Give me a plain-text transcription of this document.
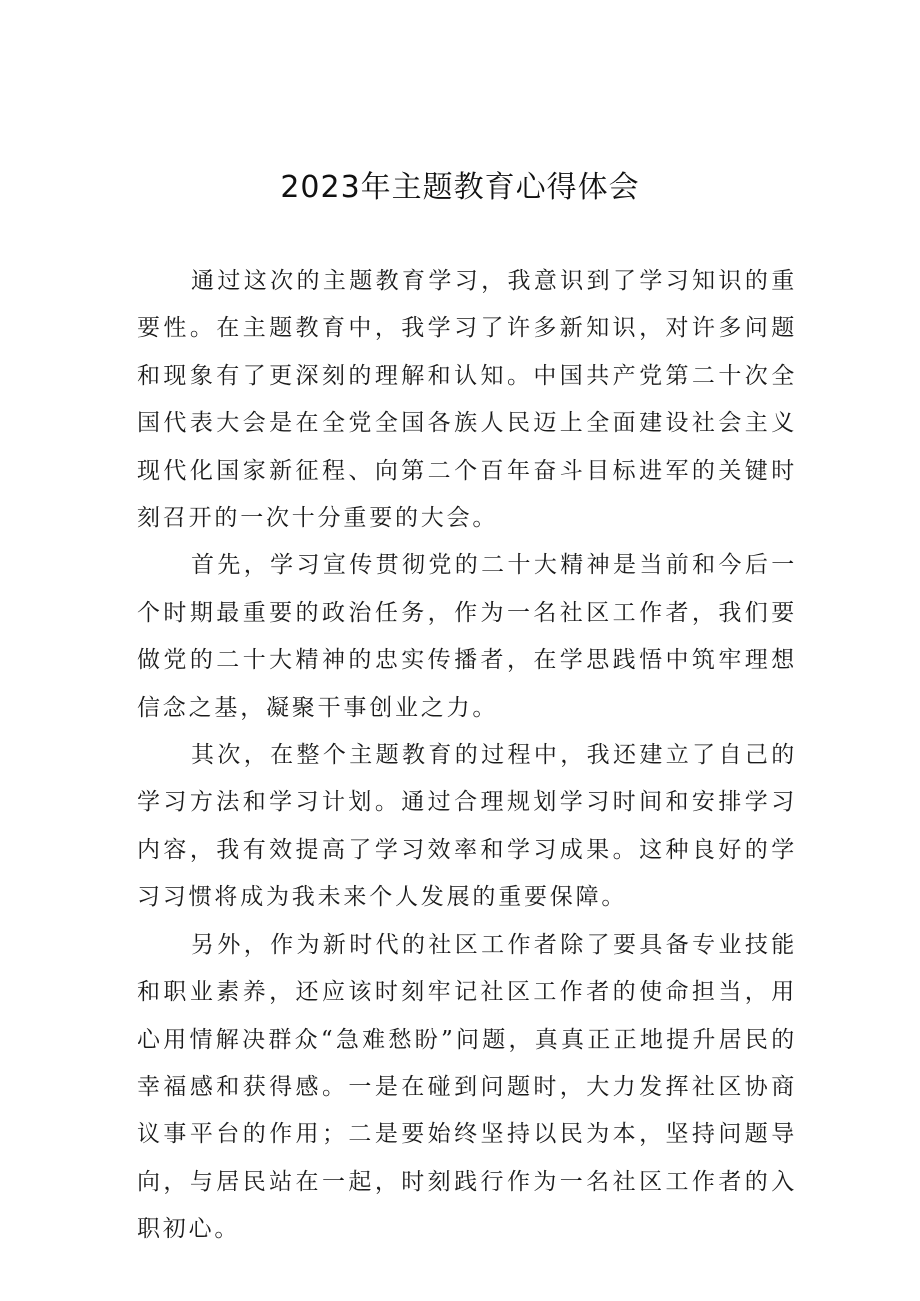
2023年主题教育心得体会

通过这次的主题教育学习，我意识到了学习知识的重要性。在主题教育中，我学习了许多新知识，对许多问题和现象有了更深刻的理解和认知。中国共产党第二十次全国代表大会是在全党全国各族人民迈上全面建设社会主义现代化国家新征程、向第二个百年奋斗目标进军的关键时刻召开的一次十分重要的大会。

首先，学习宣传贯彻党的二十大精神是当前和今后一个时期最重要的政治任务，作为一名社区工作者，我们要做党的二十大精神的忠实传播者，在学思践悟中筑牢理想信念之基，凝聚干事创业之力。

其次，在整个主题教育的过程中，我还建立了自己的学习方法和学习计划。通过合理规划学习时间和安排学习内容，我有效提高了学习效率和学习成果。这种良好的学习习惯将成为我未来个人发展的重要保障。

另外，作为新时代的社区工作者除了要具备专业技能和职业素养，还应该时刻牢记社区工作者的使命担当，用心用情解决群众“急难愁盼”问题，真真正正地提升居民的幸福感和获得感。一是在碰到问题时，大力发挥社区协商议事平台的作用；二是要始终坚持以民为本，坚持问题导向，与居民站在一起，时刻践行作为一名社区工作者的入职初心。
